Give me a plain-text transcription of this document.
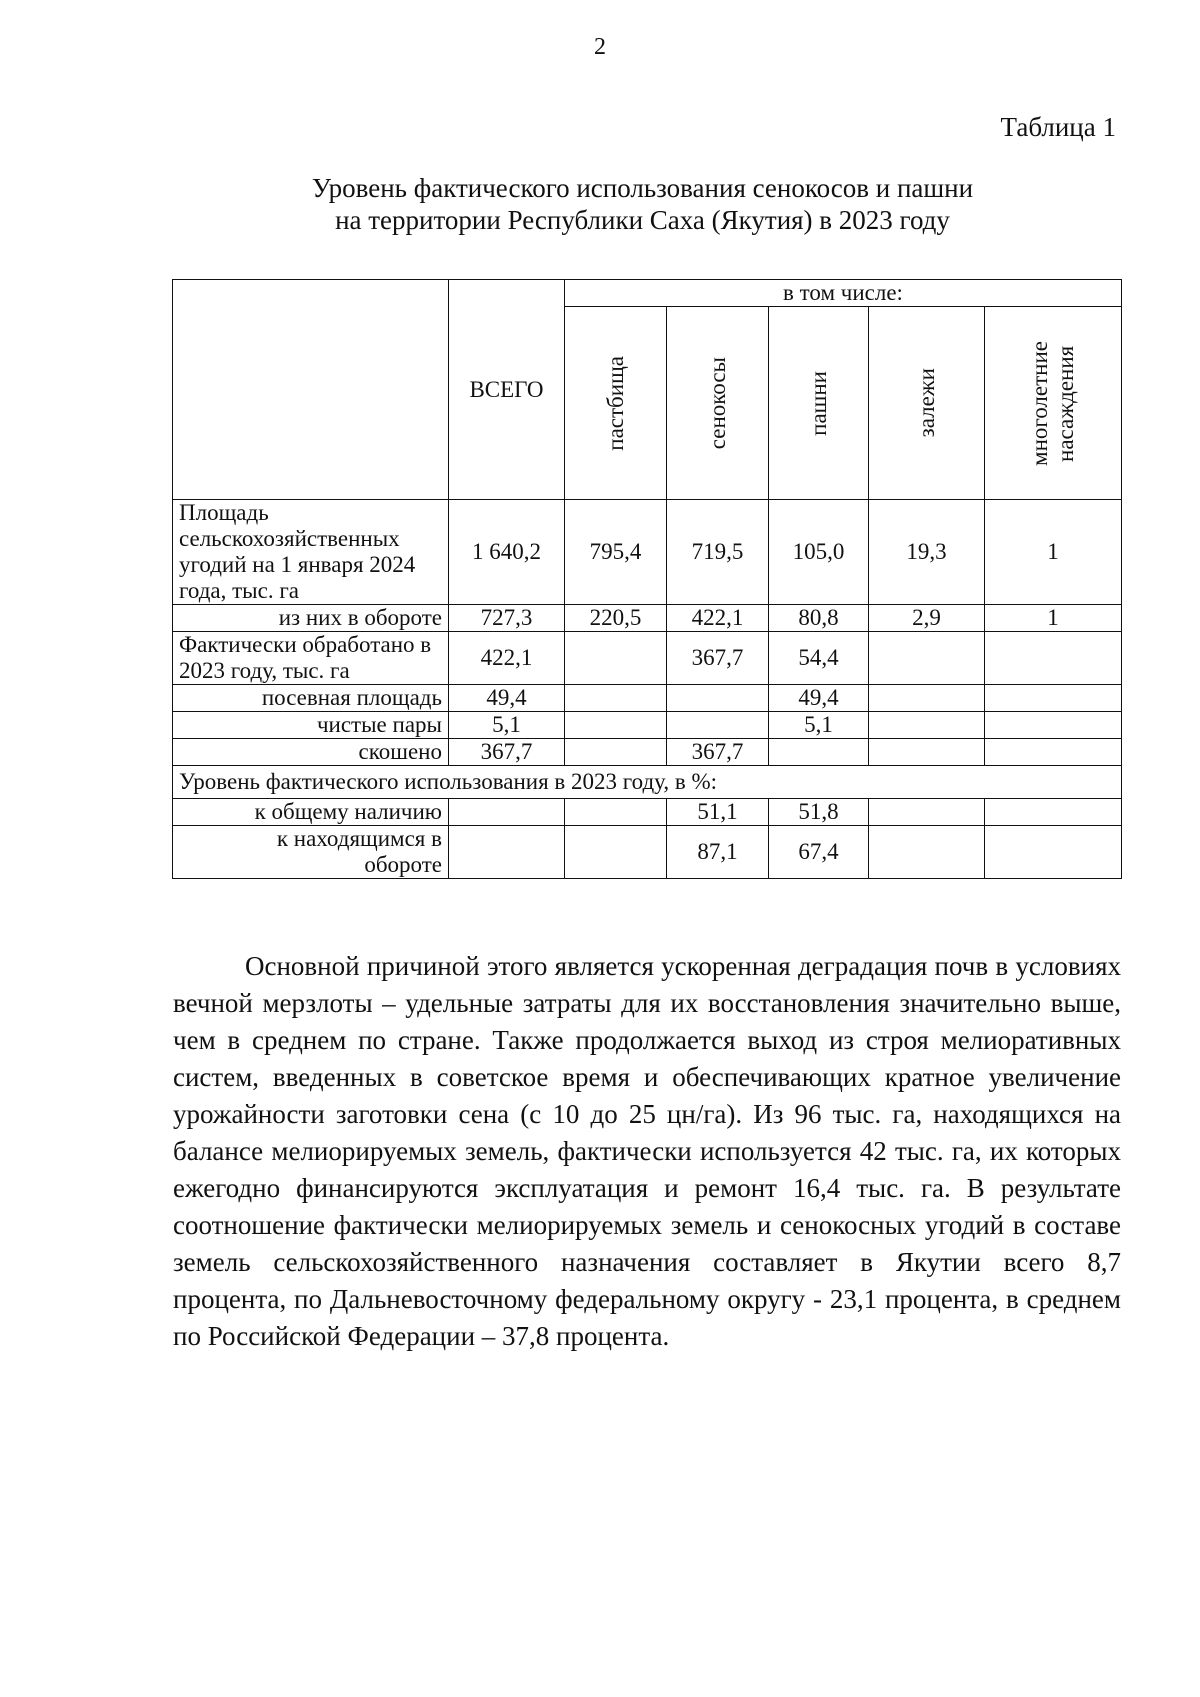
2
Таблица 1
Уровень фактического использования сенокосов и пашни
на территории Республики Саха (Якутия) в 2023 году
	ВСЕГО	в том числе:				

		пастбища	сенокосы	пашни	залежи	многолетние насаждения

Площадь сельскохозяйственных угодий на 1 января 2024 года, тыс. га	1 640,2	795,4	719,5	105,0	19,3	1
из них в обороте	727,3	220,5	422,1	80,8	2,9	1
Фактически обработано в 2023 году, тыс. га	422,1		367,7	54,4		
посевная площадь	49,4			49,4		
чистые пары	5,1			5,1		
скошено	367,7		367,7			
Уровень фактического использования в 2023 году, в %:						
к общему наличию			51,1	51,8		
к находящимся в обороте			87,1	67,4		

Основной причиной этого является ускоренная деградация почв в условиях вечной мерзлоты – удельные затраты для их восстановления значительно выше, чем в среднем по стране. Также продолжается выход из строя мелиоративных систем, введенных в советское время и обеспечивающих кратное увеличение урожайности заготовки сена (с 10 до 25 цн/га). Из 96 тыс. га, находящихся на балансе мелиорируемых земель, фактически используется 42 тыс. га, их которых ежегодно финансируются эксплуатация и ремонт 16,4 тыс. га. В результате соотношение фактически мелиорируемых земель и сенокосных угодий в составе земель сельскохозяйственного назначения составляет в Якутии всего 8,7 процента, по Дальневосточному федеральному округу - 23,1 процента, в среднем по Российской Федерации – 37,8 процента.
